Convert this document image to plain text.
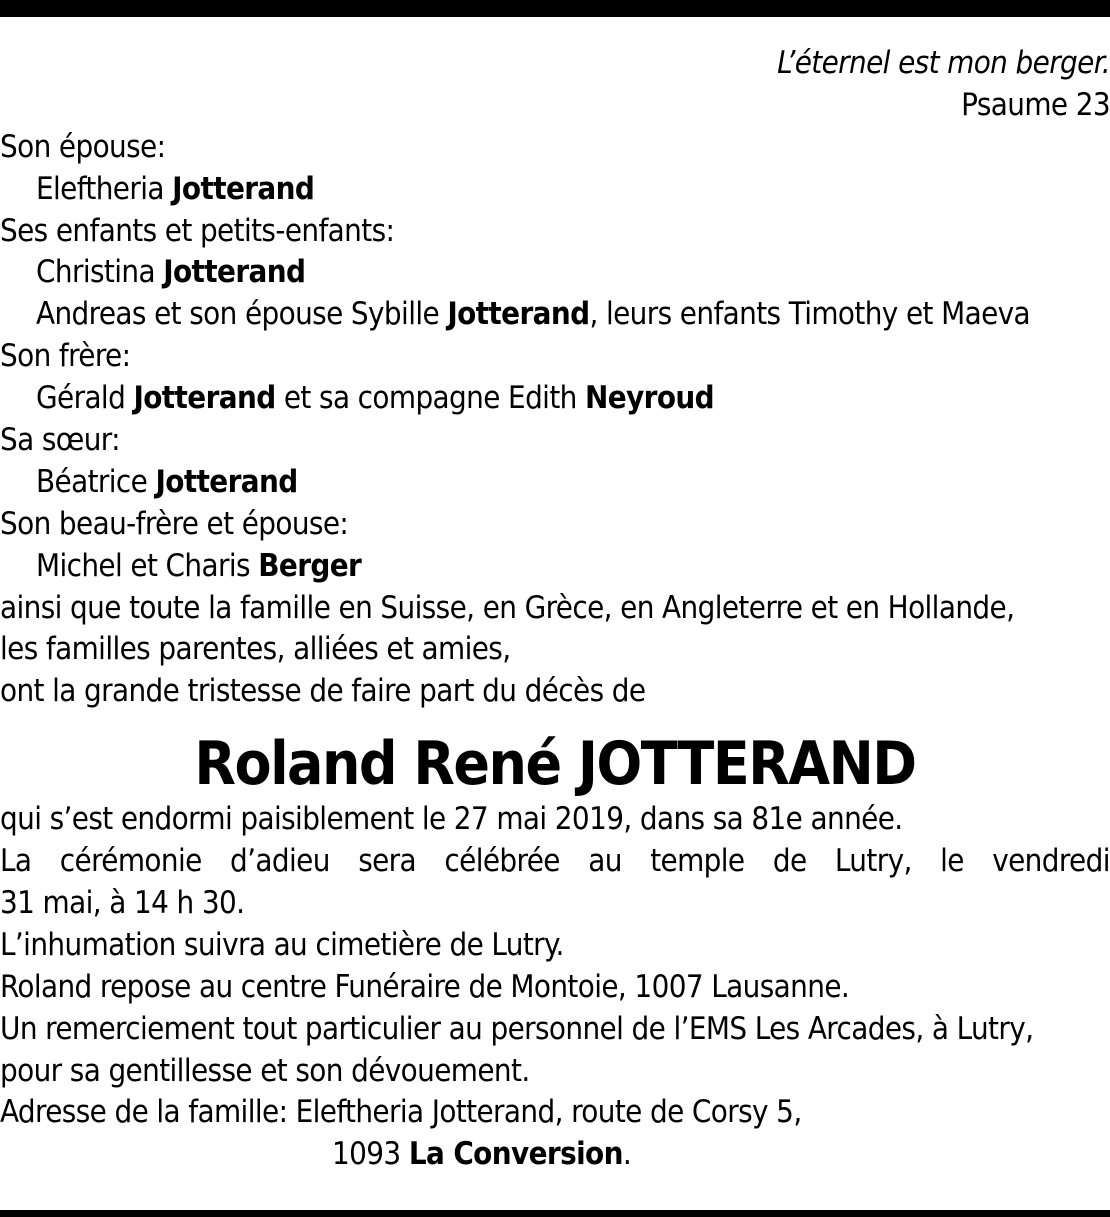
L’éternel est mon berger.
Psaume 23
Son épouse:
Eleftheria Jotterand
Ses enfants et petits-enfants:
Christina Jotterand
Andreas et son épouse Sybille Jotterand, leurs enfants Timothy et Maeva
Son frère:
Gérald Jotterand et sa compagne Edith Neyroud
Sa sœur:
Béatrice Jotterand
Son beau-frère et épouse:
Michel et Charis Berger
ainsi que toute la famille en Suisse, en Grèce, en Angleterre et en Hollande,
les familles parentes, alliées et amies,
ont la grande tristesse de faire part du décès de
Roland René JOTTERAND
qui s’est endormi paisiblement le 27 mai 2019, dans sa 81e année.
La cérémonie d’adieu sera célébrée au temple de Lutry, le vendredi
31 mai, à 14 h 30.
L’inhumation suivra au cimetière de Lutry.
Roland repose au centre Funéraire de Montoie, 1007 Lausanne.
Un remerciement tout particulier au personnel de l’EMS Les Arcades, à Lutry,
pour sa gentillesse et son dévouement.
Adresse de la famille: Eleftheria Jotterand, route de Corsy 5,
1093 La Conversion.
